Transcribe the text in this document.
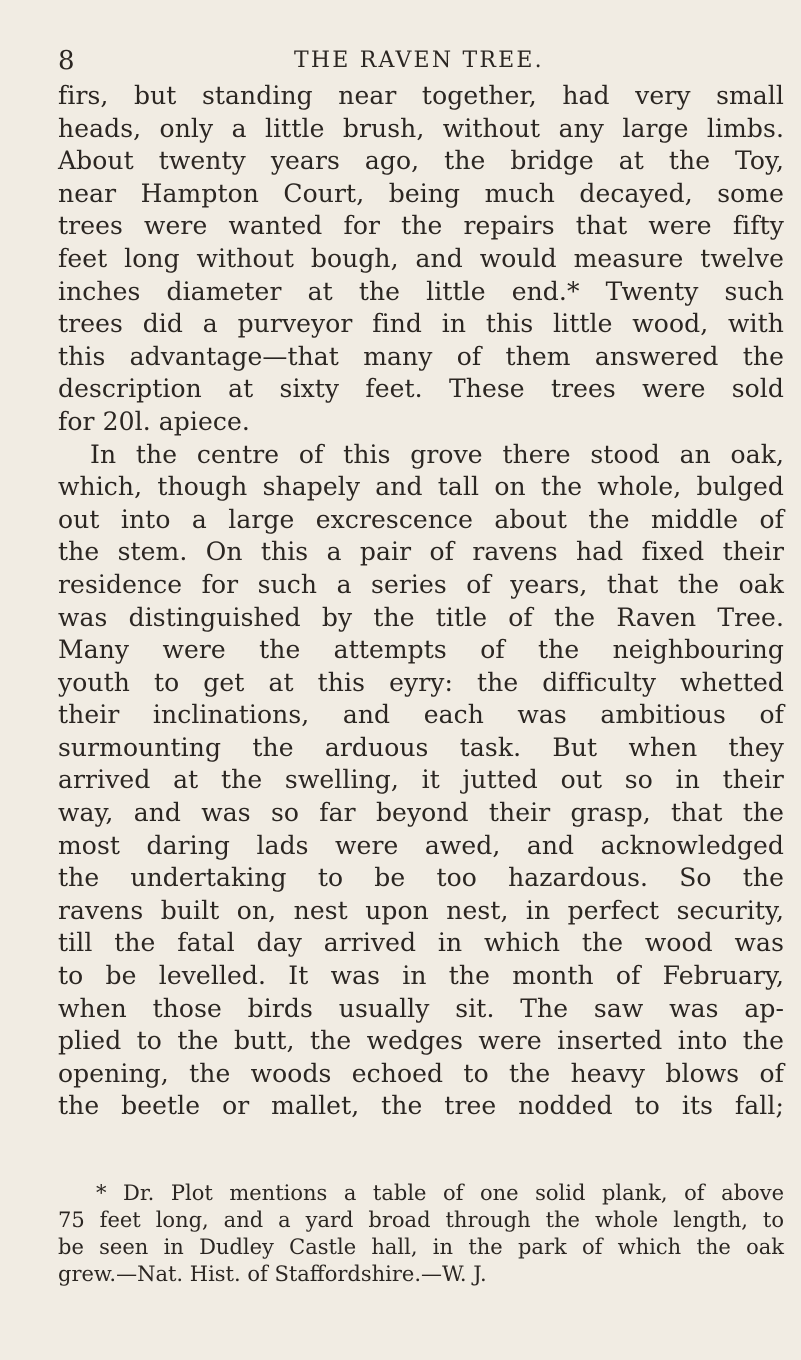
8	THE RAVEN TREE.
firs, but standing near together, had very small
heads, only a little brush, without any large limbs.
About twenty years ago, the bridge at the Toy,
near Hampton Court, being much decayed, some
trees were wanted for the repairs that were fifty
feet long without bough, and would measure twelve
inches diameter at the little end.* Twenty such
trees did a purveyor find in this little wood, with
this advantage—that many of them answered the
description at sixty feet. These trees were sold
for 20l. apiece.
In the centre of this grove there stood an oak,
which, though shapely and tall on the whole, bulged
out into a large excrescence about the middle of
the stem. On this a pair of ravens had fixed their
residence for such a series of years, that the oak
was distinguished by the title of the Raven Tree.
Many were the attempts of the neighbouring
youth to get at this eyry: the difficulty whetted
their inclinations, and each was ambitious of
surmounting the arduous task. But when they
arrived at the swelling, it jutted out so in their
way, and was so far beyond their grasp, that the
most daring lads were awed, and acknowledged
the undertaking to be too hazardous. So the
ravens built on, nest upon nest, in perfect security,
till the fatal day arrived in which the wood was
to be levelled. It was in the month of February,
when those birds usually sit. The saw was ap-
plied to the butt, the wedges were inserted into the
opening, the woods echoed to the heavy blows of
the beetle or mallet, the tree nodded to its fall;
* Dr. Plot mentions a table of one solid plank, of above
75 feet long, and a yard broad through the whole length, to
be seen in Dudley Castle hall, in the park of which the oak
grew.—Nat. Hist. of Staffordshire.—W. J.
